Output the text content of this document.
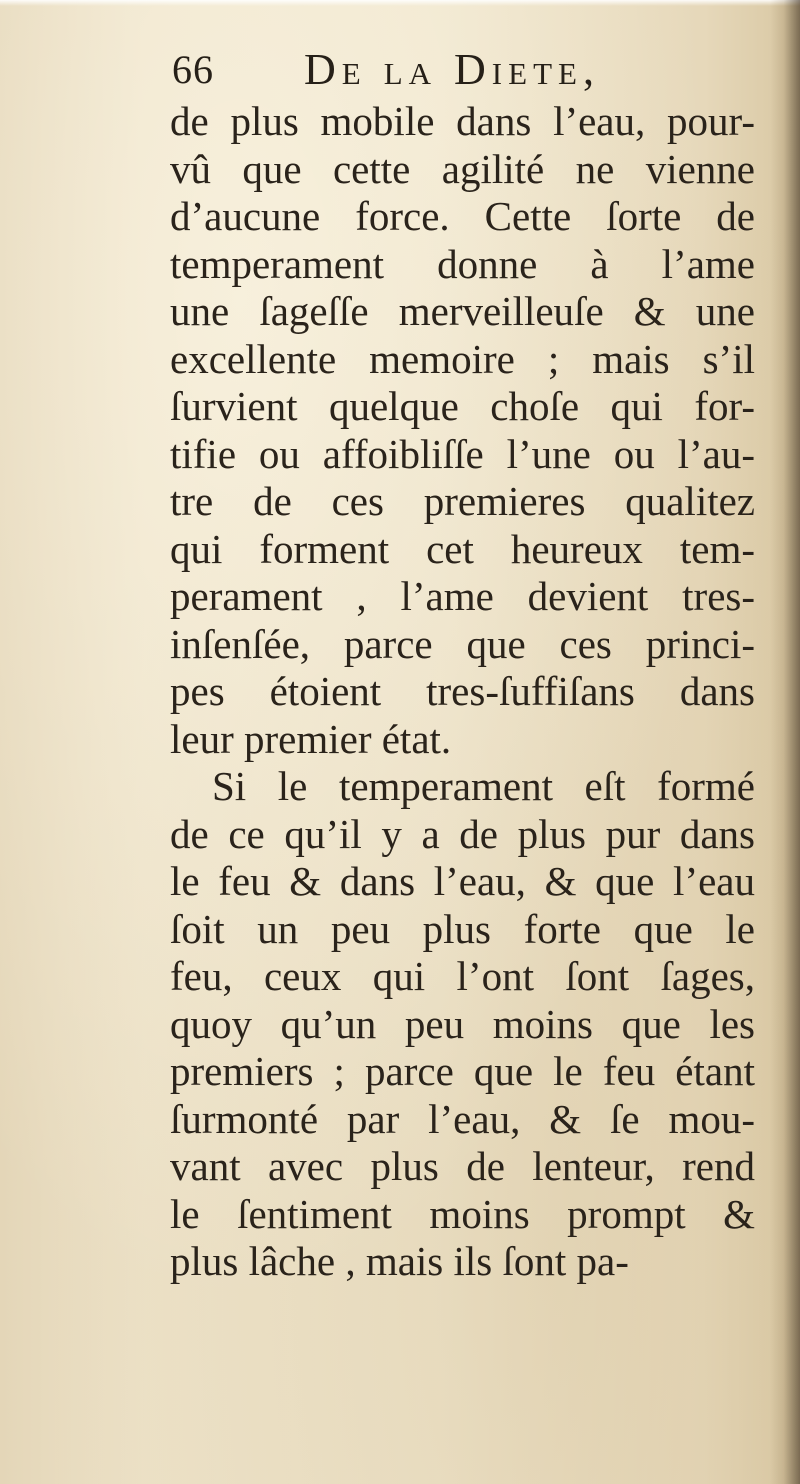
66 De la Diete,
de plus mobile dans l’eau, pour-
vû que cette agilité ne vienne
d’aucune force. Cette ſorte de
temperament donne à l’ame
une ſageſſe merveilleuſe & une
excellente memoire ; mais s’il
ſurvient quelque choſe qui for-
tifie ou affoibliſſe l’une ou l’au-
tre de ces premieres qualitez
qui forment cet heureux tem-
perament , l’ame devient tres-
inſenſée, parce que ces princi-
pes étoient tres-ſuffiſans dans
leur premier état.
Si le temperament eſt formé
de ce qu’il y a de plus pur dans
le feu & dans l’eau, & que l’eau
ſoit un peu plus forte que le
feu, ceux qui l’ont ſont ſages,
quoy qu’un peu moins que les
premiers ; parce que le feu étant
ſurmonté par l’eau, & ſe mou-
vant avec plus de lenteur, rend
le ſentiment moins prompt &
plus lâche , mais ils ſont pa-
